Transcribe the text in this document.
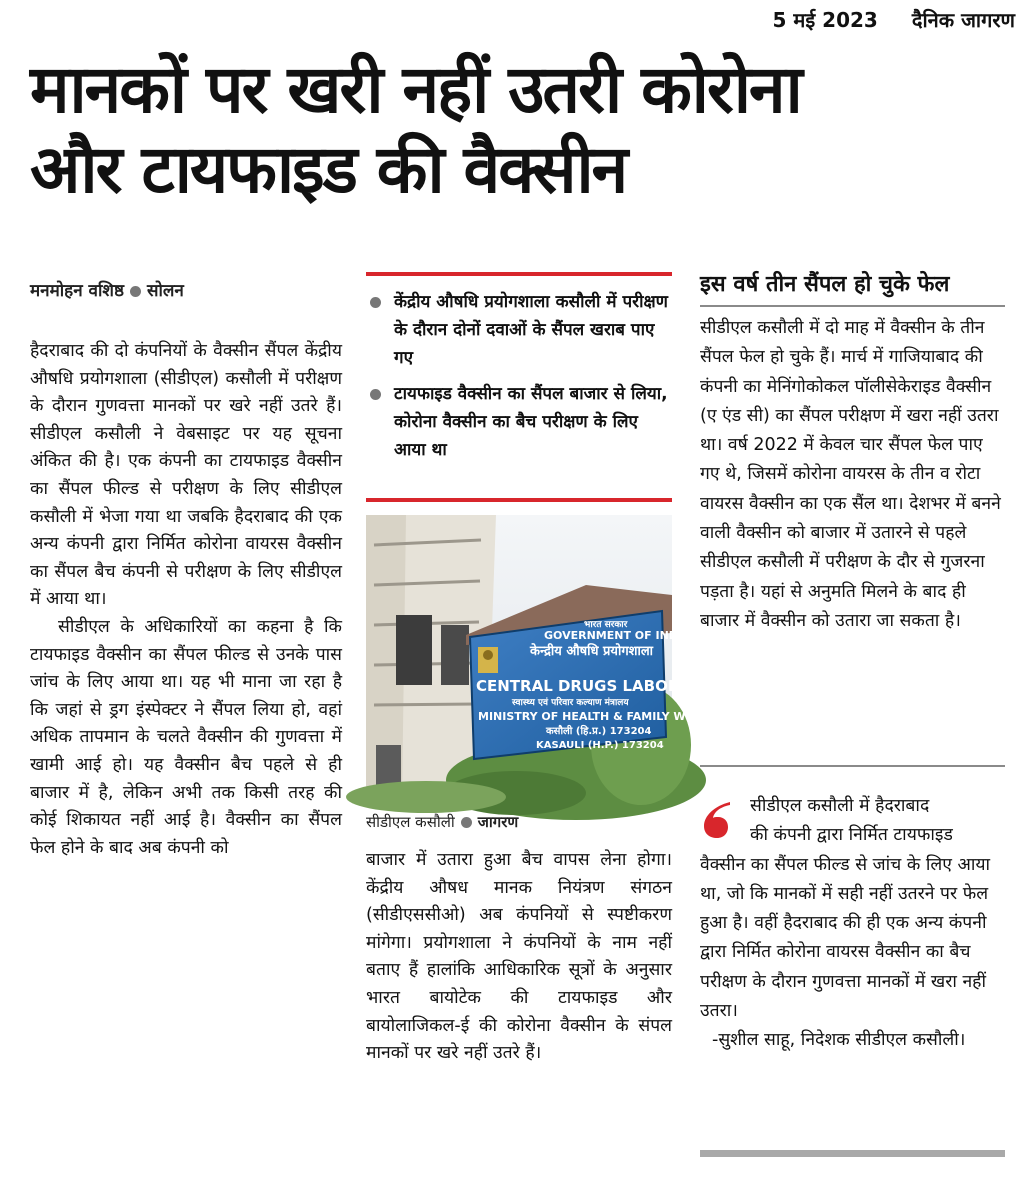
5 मई 2023 दैनिक जागरण
मानकों पर खरी नहीं उतरी कोरोना
और टायफाइड की वैक्सीन
मनमोहन वशिष्ठ सोलन

हैदराबाद की दो कंपनियों के वैक्सीन सैंपल केंद्रीय औषधि प्रयोगशाला (सीडीएल) कसौली में परीक्षण के दौरान गुणवत्ता मानकों पर खरे नहीं उतरे हैं। सीडीएल कसौली ने वेबसाइट पर यह सूचना अंकित की है। एक कंपनी का टायफाइड वैक्सीन का सैंपल फील्ड से परीक्षण के लिए सीडीएल कसौली में भेजा गया था जबकि हैदराबाद की एक अन्य कंपनी द्वारा निर्मित कोरोना वायरस वैक्सीन का सैंपल बैच कंपनी से परीक्षण के लिए सीडीएल में आया था।

सीडीएल के अधिकारियों का कहना है कि टायफाइड वैक्सीन का सैंपल फील्ड से उनके पास जांच के लिए आया था। यह भी माना जा रहा है कि जहां से ड्रग इंस्पेक्टर ने सैंपल लिया हो, वहां अधिक तापमान के चलते वैक्सीन की गुणवत्ता में खामी आई हो। यह वैक्सीन बैच पहले से ही बाजार में है, लेकिन अभी तक किसी तरह की कोई शिकायत नहीं आई है। वैक्सीन का सैंपल फेल होने के बाद अब कंपनी को

केंद्रीय औषधि प्रयोगशाला कसौली में परीक्षण के दौरान दोनों दवाओं के सैंपल खराब पाए गए
टायफाइड वैक्सीन का सैंपल बाजार से लिया, कोरोना वैक्सीन का बैच परीक्षण के लिए आया था
भारत सरकार
GOVERNMENT OF INDIA
केन्द्रीय औषधि प्रयोगशाला
CENTRAL DRUGS LABORA
स्वास्थ्य एवं परिवार कल्याण मंत्रालय
MINISTRY OF HEALTH & FAMILY WE
कसौली (हि.प्र.) 173204
KASAULI (H.P.) 173204
सीडीएल कसौली जागरण

बाजार में उतारा हुआ बैच वापस लेना होगा। केंद्रीय औषध मानक नियंत्रण संगठन (सीडीएससीओ) अब कंपनियों से स्पष्टीकरण मांगेगा। प्रयोगशाला ने कंपनियों के नाम नहीं बताए हैं हालांकि आधिकारिक सूत्रों के अनुसार भारत बायोटेक की टायफाइड और बायोलाजिकल-ई की कोरोना वैक्सीन के संपल मानकों पर खरे नहीं उतरे हैं।

इस वर्ष तीन सैंपल हो चुके फेल

सीडीएल कसौली में दो माह में वैक्सीन के तीन सैंपल फेल हो चुके हैं। मार्च में गाजियाबाद की कंपनी का मेनिंगोकोकल पॉलीसेकेराइड वैक्सीन (ए एंड सी) का सैंपल परीक्षण में खरा नहीं उतरा था। वर्ष 2022 में केवल चार सैंपल फेल पाए गए थे, जिसमें कोरोना वायरस के तीन व रोटा वायरस वैक्सीन का एक सैंल था। देशभर में बनने वाली वैक्सीन को बाजार में उतारने से पहले सीडीएल कसौली में परीक्षण के दौर से गुजरना पड़ता है। यहां से अनुमति मिलने के बाद ही बाजार में वैक्सीन को उतारा जा सकता है।

सीडीएल कसौली में हैदराबाद
की कंपनी द्वारा निर्मित टायफाइड
वैक्सीन का सैंपल फील्ड से जांच के लिए आया था, जो कि मानकों में सही नहीं उतरने पर फेल हुआ है। वहीं हैदराबाद की ही एक अन्य कंपनी द्वारा निर्मित कोरोना वायरस वैक्सीन का बैच परीक्षण के दौरान गुणवत्ता मानकों में खरा नहीं उतरा।
-सुशील साहू, निदेशक सीडीएल कसौली।
